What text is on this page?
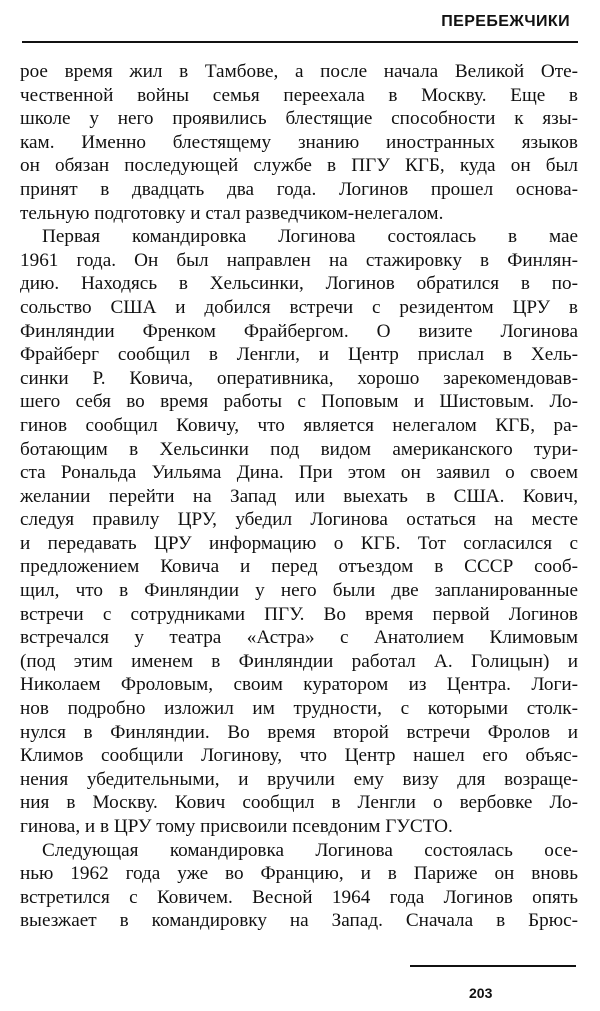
ПЕРЕБЕЖЧИКИ
рое время жил в Тамбове, а после начала Великой Оте-
чественной войны семья переехала в Москву. Еще в
школе у него проявились блестящие способности к язы-
кам. Именно блестящему знанию иностранных языков
он обязан последующей службе в ПГУ КГБ, куда он был
принят в двадцать два года. Логинов прошел основа-
тельную подготовку и стал разведчиком-нелегалом.
Первая командировка Логинова состоялась в мае
1961 года. Он был направлен на стажировку в Финлян-
дию. Находясь в Хельсинки, Логинов обратился в по-
сольство США и добился встречи с резидентом ЦРУ в
Финляндии Френком Фрайбергом. О визите Логинова
Фрайберг сообщил в Ленгли, и Центр прислал в Хель-
синки Р. Ковича, оперативника, хорошо зарекомендовав-
шего себя во время работы с Поповым и Шистовым. Ло-
гинов сообщил Ковичу, что является нелегалом КГБ, ра-
ботающим в Хельсинки под видом американского тури-
ста Рональда Уильяма Дина. При этом он заявил о своем
желании перейти на Запад или выехать в США. Кович,
следуя правилу ЦРУ, убедил Логинова остаться на месте
и передавать ЦРУ информацию о КГБ. Тот согласился с
предложением Ковича и перед отъездом в СССР сооб-
щил, что в Финляндии у него были две запланированные
встречи с сотрудниками ПГУ. Во время первой Логинов
встречался у театра «Астра» с Анатолием Климовым
(под этим именем в Финляндии работал А. Голицын) и
Николаем Фроловым, своим куратором из Центра. Логи-
нов подробно изложил им трудности, с которыми столк-
нулся в Финляндии. Во время второй встречи Фролов и
Климов сообщили Логинову, что Центр нашел его объяс-
нения убедительными, и вручили ему визу для возраще-
ния в Москву. Кович сообщил в Ленгли о вербовке Ло-
гинова, и в ЦРУ тому присвоили псевдоним ГУСТО.
Следующая командировка Логинова состоялась осе-
нью 1962 года уже во Францию, и в Париже он вновь
встретился с Ковичем. Весной 1964 года Логинов опять
выезжает в командировку на Запад. Сначала в Брюс-
203
